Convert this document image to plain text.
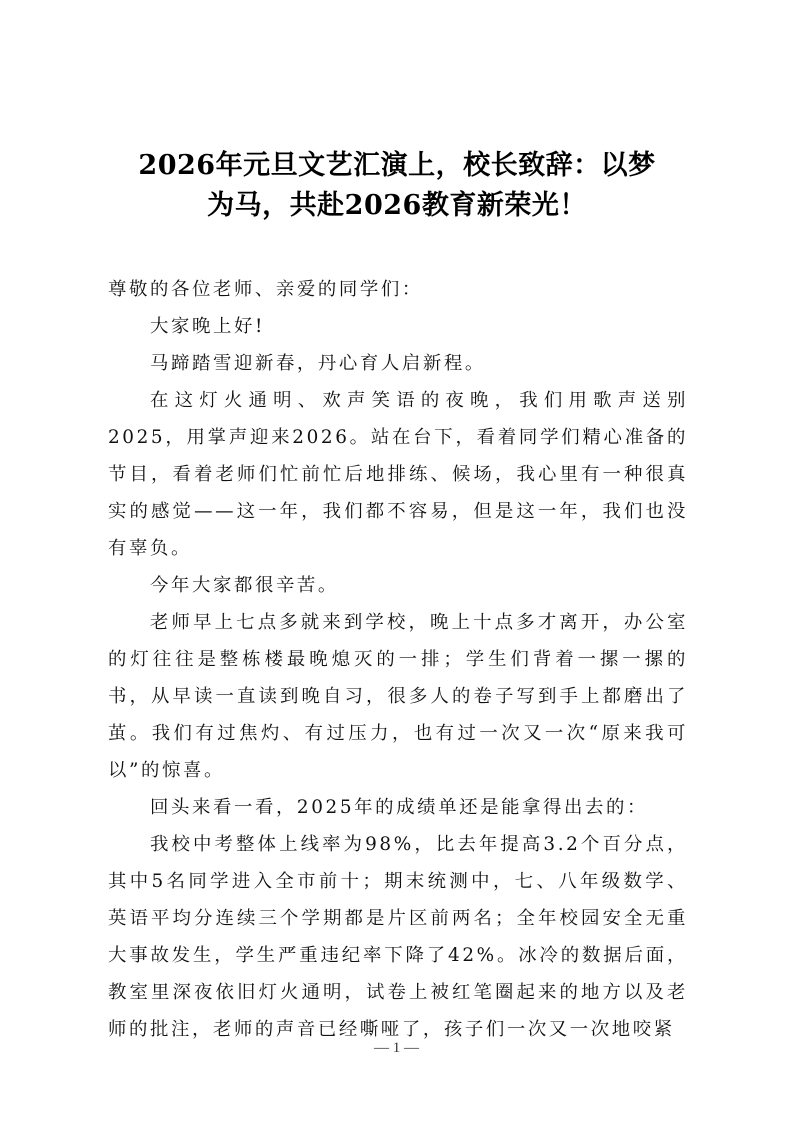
2026年元旦文艺汇演上，校长致辞：以梦
为马，共赴2026教育新荣光！

尊敬的各位老师、亲爱的同学们：

大家晚上好!

马蹄踏雪迎新春，丹心育人启新程。

在这灯火通明、欢声笑语的夜晚，我们用歌声送别2025，用掌声迎来2026。站在台下，看着同学们精心准备的节目，看着老师们忙前忙后地排练、候场，我心里有一种很真实的感觉——这一年，我们都不容易，但是这一年，我们也没有辜负。

今年大家都很辛苦。

老师早上七点多就来到学校，晚上十点多才离开，办公室的灯往往是整栋楼最晚熄灭的一排；学生们背着一摞一摞的书，从早读一直读到晚自习，很多人的卷子写到手上都磨出了茧。我们有过焦灼、有过压力，也有过一次又一次“原来我可以”的惊喜。

回头来看一看，2025年的成绩单还是能拿得出去的：

我校中考整体上线率为98%，比去年提高3.2个百分点，其中5名同学进入全市前十；期末统测中，七、八年级数学、英语平均分连续三个学期都是片区前两名；全年校园安全无重大事故发生，学生严重违纪率下降了42%。冰冷的数据后面，教室里深夜依旧灯火通明，试卷上被红笔圈起来的地方以及老师的批注，老师的声音已经嘶哑了，孩子们一次又一次地咬紧

— 1 —
